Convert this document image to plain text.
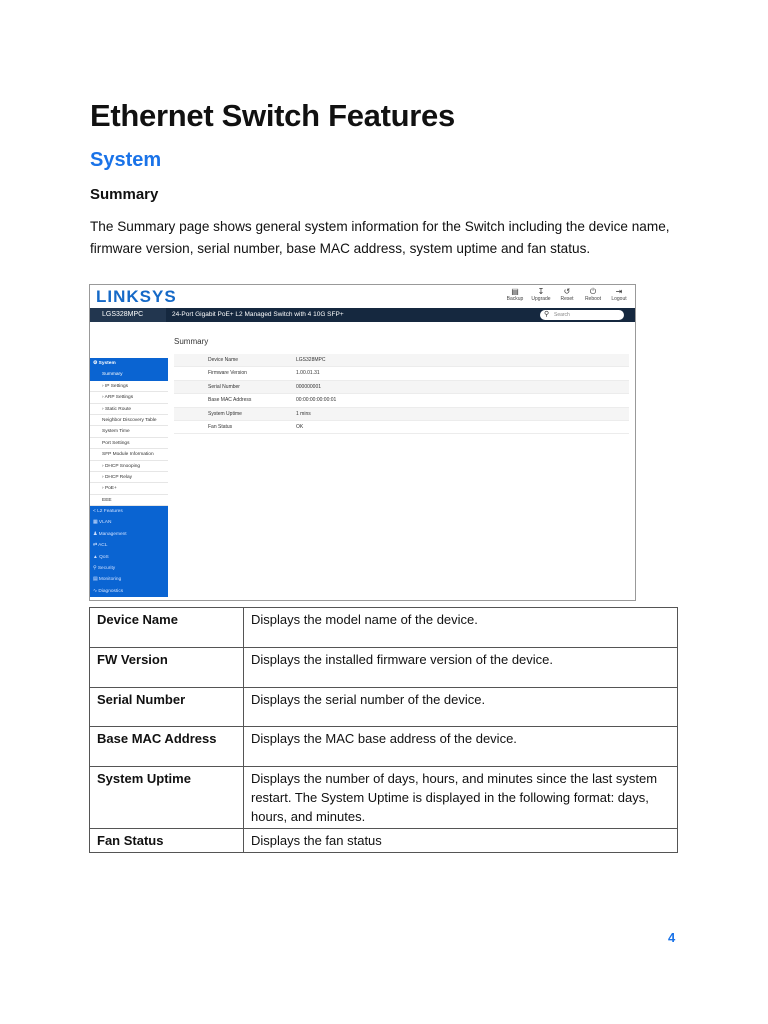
Ethernet Switch Features
System
Summary
The Summary page shows general system information for the Switch including the device name, firmware version, serial number, base MAC address, system uptime and fan status.
LINKSYS	▤
Backup
↧
Upgrade
↺
Reset
⏻
Reboot
⇥
Logout
LGS328MPC	24-Port Gigabit PoE+ L2 Managed Switch with 4 10G SFP+	⚲ Search
⚙ System
Summary
› IP Settings
› ARP Settings
› Static Route
Neighbor Discovery Table
System Time
Port Settings
SFP Module Information
› DHCP Snooping
› DHCP Relay
› PoE+
EEE
< L2 Features
▦ VLAN
♟ Management
⇄ ACL
▲ QoS
⚲ Security
▤ Monitoring
∿ Diagnostics
Summary
Device Name	LGS328MPC
Firmware Version	1.00.01.31
Serial Number	000000001
Base MAC Address	00:00:00:00:00:01
System Uptime	1 mins
Fan Status	OK
Device Name	Displays the model name of the device.
FW Version	Displays the installed firmware version of the device.
Serial Number	Displays the serial number of the device.
Base MAC Address	Displays the MAC base address of the device.
System Uptime	Displays the number of days, hours, and minutes since the last system restart. The System Uptime is displayed in the following format: days, hours, and minutes.
Fan Status	Displays the fan status
4
